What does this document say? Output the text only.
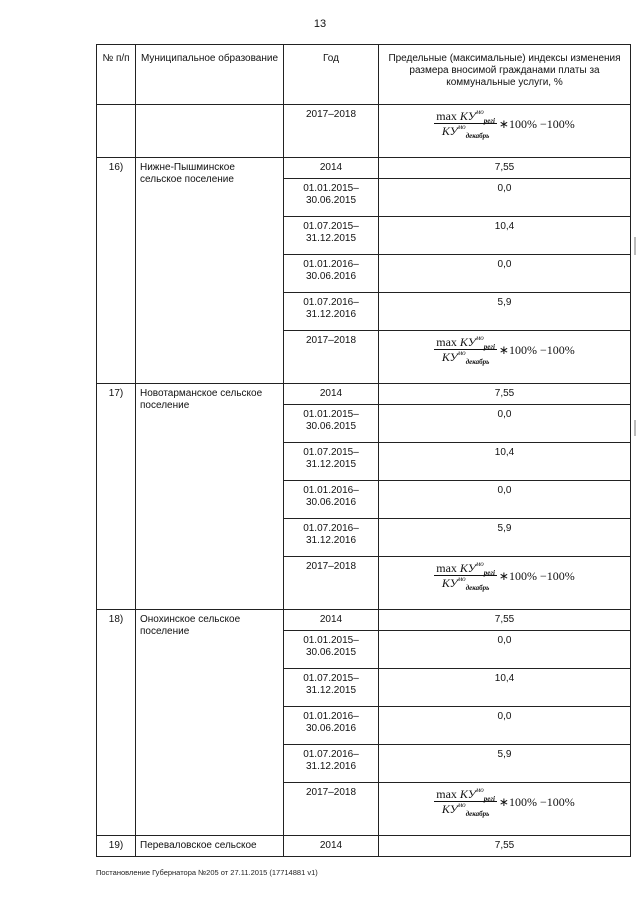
13
№ п/п	Муниципальное образование	Год	Предельные (максимальные) индексы изменения размера вносимой гражданами платы за коммунальные услуги, %
		2017–2018	$\frac{\max КУ^{мо}_{регi}}{КУ^{мо}_{декабрь}}$ ∗100% −100%

16)	Нижне-Пышминское сельское поселение	2014	7,55
		01.01.2015– 30.06.2015	0,0
		01.07.2015– 31.12.2015	10,4
		01.01.2016– 30.06.2016	0,0
		01.07.2016– 31.12.2016	5,9
		2017–2018	$\frac{\max КУ^{мо}_{регi}}{КУ^{мо}_{декабрь}}$ ∗100% −100%

17)	Новотарманское сельское поселение	2014	7,55
		01.01.2015– 30.06.2015	0,0
		01.07.2015– 31.12.2015	10,4
		01.01.2016– 30.06.2016	0,0
		01.07.2016– 31.12.2016	5,9
		2017–2018	$\frac{\max КУ^{мо}_{регi}}{КУ^{мо}_{декабрь}}$ ∗100% −100%

18)	Онохинское сельское поселение	2014	7,55
		01.01.2015– 30.06.2015	0,0
		01.07.2015– 31.12.2015	10,4
		01.01.2016– 30.06.2016	0,0
		01.07.2016– 31.12.2016	5,9
		2017–2018	$\frac{\max КУ^{мо}_{регi}}{КУ^{мо}_{декабрь}}$ ∗100% −100%

19)	Переваловское сельское	2014	7,55
Постановление Губернатора №205 от 27.11.2015 (17714881 v1)
